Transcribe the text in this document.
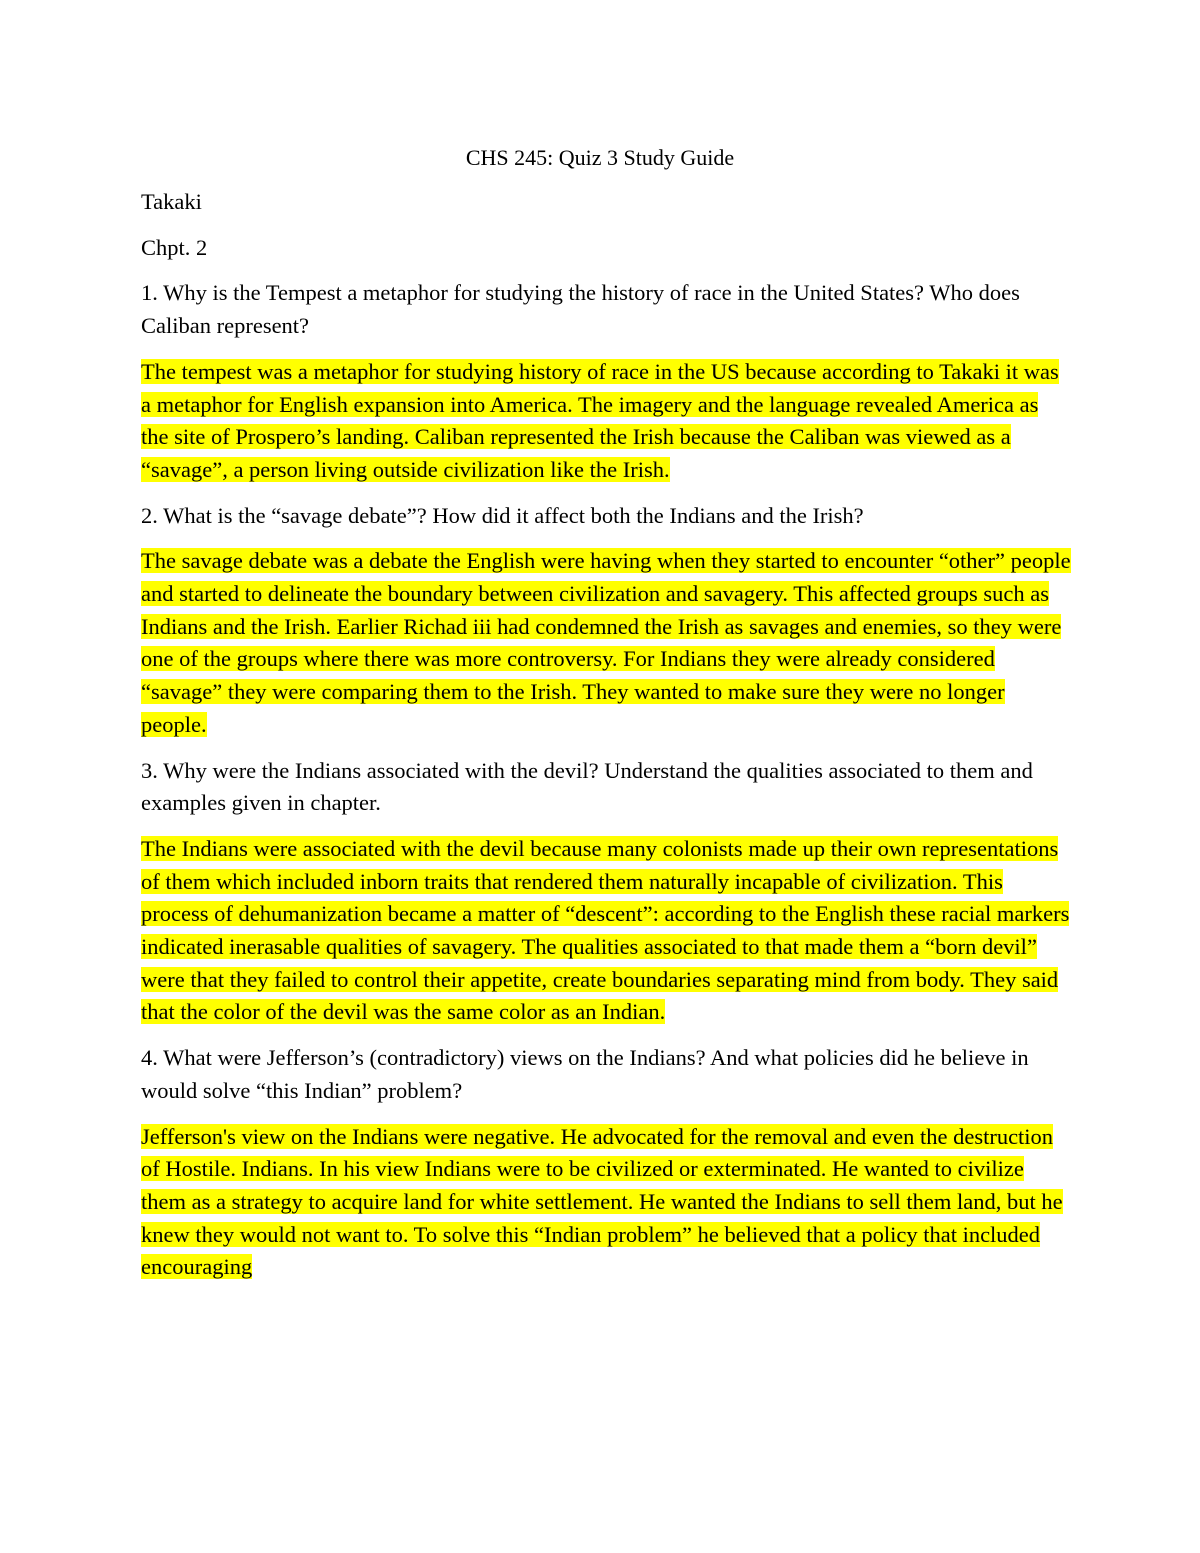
CHS 245: Quiz 3 Study Guide

Takaki

Chpt. 2

1. Why is the Tempest a metaphor for studying the history of race in the United States? Who does Caliban represent?

The tempest was a metaphor for studying history of race in the US because according to Takaki it was a metaphor for English expansion into America. The imagery and the language revealed America as the site of Prospero’s landing. Caliban represented the Irish because the Caliban was viewed as a “savage”, a person living outside civilization like the Irish.

2. What is the “savage debate”? How did it affect both the Indians and the Irish?

The savage debate was a debate the English were having when they started to encounter “other” people and started to delineate the boundary between civilization and savagery. This affected groups such as Indians and the Irish. Earlier Richad iii had condemned the Irish as savages and enemies, so they were one of the groups where there was more controversy. For Indians they were already considered “savage” they were comparing them to the Irish. They wanted to make sure they were no longer people.

3. Why were the Indians associated with the devil? Understand the qualities associated to them and examples given in chapter.

The Indians were associated with the devil because many colonists made up their own representations of them which included inborn traits that rendered them naturally incapable of civilization. This process of dehumanization became a matter of “descent”: according to the English these racial markers indicated inerasable qualities of savagery. The qualities associated to that made them a “born devil” were that they failed to control their appetite, create boundaries separating mind from body. They said that the color of the devil was the same color as an Indian.

4. What were Jefferson’s (contradictory) views on the Indians? And what policies did he believe in would solve “this Indian” problem?

Jefferson's view on the Indians were negative. He advocated for the removal and even the destruction of Hostile. Indians. In his view Indians were to be civilized or exterminated. He wanted to civilize them as a strategy to acquire land for white settlement. He wanted the Indians to sell them land, but he knew they would not want to. To solve this “Indian problem” he believed that a policy that included encouraging
